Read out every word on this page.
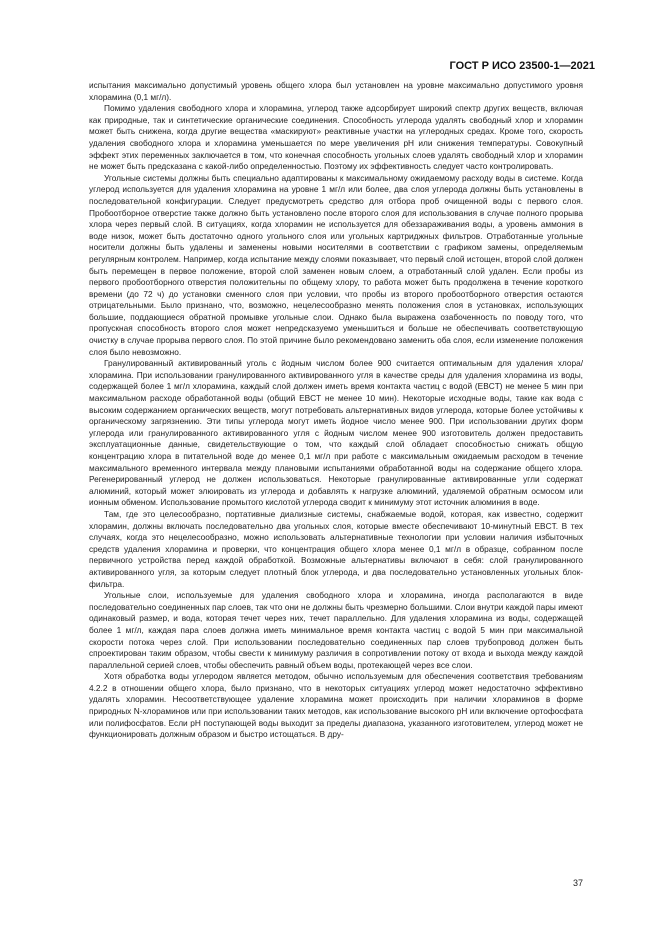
ГОСТ Р ИСО 23500-1—2021

испытания максимально допустимый уровень общего хлора был установлен на уровне максимально допустимого уровня хлорамина (0,1 мг/л).

Помимо удаления свободного хлора и хлорамина, углерод также адсорбирует широкий спектр других веществ, включая как природные, так и синтетические органические соединения. Способность углерода удалять свободный хлор и хлорамин может быть снижена, когда другие вещества «маскируют» реактивные участки на углеродных средах. Кроме того, скорость удаления свободного хлора и хлорамина уменьшается по мере увеличения pH или снижения температуры. Совокупный эффект этих переменных заключается в том, что конечная способность угольных слоев удалять свободный хлор и хлорамин не может быть предсказана с какой-либо определенностью. Поэтому их эффективность следует часто контролировать.

Угольные системы должны быть специально адаптированы к максимальному ожидаемому расходу воды в системе. Когда углерод используется для удаления хлорамина на уровне 1 мг/л или более, два слоя углерода должны быть установлены в последовательной конфигурации. Следует предусмотреть средство для отбора проб очищенной воды с первого слоя. Пробоотборное отверстие также должно быть установлено после второго слоя для использования в случае полного прорыва хлора через первый слой. В ситуациях, когда хлорамин не используется для обеззараживания воды, а уровень аммония в воде низок, может быть достаточно одного угольного слоя или угольных картриджных фильтров. Отработанные угольные носители должны быть удалены и заменены новыми носителями в соответствии с графиком замены, определяемым регулярным контролем. Например, когда испытание между слоями показывает, что первый слой истощен, второй слой должен быть перемещен в первое положение, второй слой заменен новым слоем, а отработанный слой удален. Если пробы из первого пробоотборного отверстия положительны по общему хлору, то работа может быть продолжена в течение короткого времени (до 72 ч) до установки сменного слоя при условии, что пробы из второго пробоотборного отверстия остаются отрицательными. Было признано, что, возможно, нецелесообразно менять положения слоя в установках, использующих большие, поддающиеся обратной промывке угольные слои. Однако была выражена озабоченность по поводу того, что пропускная способность второго слоя может непредсказуемо уменьшиться и больше не обеспечивать соответствующую очистку в случае прорыва первого слоя. По этой причине было рекомендовано заменить оба слоя, если изменение положения слоя было невозможно.

Гранулированный активированный уголь с йодным числом более 900 считается оптимальным для удаления хлора/хлорамина. При использовании гранулированного активированного угля в качестве среды для удаления хлорамина из воды, содержащей более 1 мг/л хлорамина, каждый слой должен иметь время контакта частиц с водой (EBCT) не менее 5 мин при максимальном расходе обработанной воды (общий EBCT не менее 10 мин). Некоторые исходные воды, такие как вода с высоким содержанием органических веществ, могут потребовать альтернативных видов углерода, которые более устойчивы к органическому загрязнению. Эти типы углерода могут иметь йодное число менее 900. При использовании других форм углерода или гранулированного активированного угля с йодным числом менее 900 изготовитель должен предоставить эксплуатационные данные, свидетельствующие о том, что каждый слой обладает способностью снижать общую концентрацию хлора в питательной воде до менее 0,1 мг/л при работе с максимальным ожидаемым расходом в течение максимального временного интервала между плановыми испытаниями обработанной воды на содержание общего хлора. Регенерированный углерод не должен использоваться. Некоторые гранулированные активированные угли содержат алюминий, который может элюировать из углерода и добавлять к нагрузке алюминий, удаляемой обратным осмосом или ионным обменом. Использование промытого кислотой углерода сводит к минимуму этот источник алюминия в воде.

Там, где это целесообразно, портативные диализные системы, снабжаемые водой, которая, как известно, содержит хлорамин, должны включать последовательно два угольных слоя, которые вместе обеспечивают 10-минутный EBCT. В тех случаях, когда это нецелесообразно, можно использовать альтернативные технологии при условии наличия избыточных средств удаления хлорамина и проверки, что концентрация общего хлора менее 0,1 мг/л в образце, собранном после первичного устройства перед каждой обработкой. Возможные альтернативы включают в себя: слой гранулированного активированного угля, за которым следует плотный блок углерода, и два последовательно установленных угольных блок-фильтра.

Угольные слои, используемые для удаления свободного хлора и хлорамина, иногда располагаются в виде последовательно соединенных пар слоев, так что они не должны быть чрезмерно большими. Слои внутри каждой пары имеют одинаковый размер, и вода, которая течет через них, течет параллельно. Для удаления хлорамина из воды, содержащей более 1 мг/л, каждая пара слоев должна иметь минимальное время контакта частиц с водой 5 мин при максимальной скорости потока через слой. При использовании последовательно соединенных пар слоев трубопровод должен быть спроектирован таким образом, чтобы свести к минимуму различия в сопротивлении потоку от входа и выхода между каждой параллельной серией слоев, чтобы обеспечить равный объем воды, протекающей через все слои.

Хотя обработка воды углеродом является методом, обычно используемым для обеспечения соответствия требованиям 4.2.2 в отношении общего хлора, было признано, что в некоторых ситуациях углерод может недостаточно эффективно удалять хлорамин. Несоответствующее удаление хлорамина может происходить при наличии хлораминов в форме природных N-хлораминов или при использовании таких методов, как использование высокого pH или включение ортофосфата или полифосфатов. Если pH поступающей воды выходит за пределы диапазона, указанного изготовителем, углерод может не функционировать должным образом и быстро истощаться. В дру-

37
